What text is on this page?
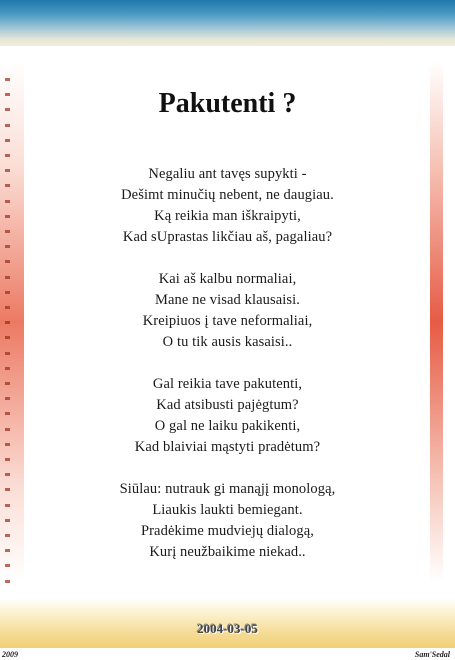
Pakutenti ?
Negaliu ant tavęs supykti -
Dešimt minučių nebent, ne daugiau.
Ką reikia man iškraipyti,
Kad sUprastas likčiau aš, pagaliau?
Kai aš kalbu normaliai,
Mane ne visad klausaisi.
Kreipiuos į tave neformaliai,
O tu tik ausis kasaisi..
Gal reikia tave pakutenti,
Kad atsibusti pajėgtum?
O gal ne laiku pakikenti,
Kad blaiviai mąstyti pradėtum?
Siūlau: nutrauk gi manąjį monologą,
Liaukis laukti bemiegant.
Pradėkime mudviejų dialogą,
Kurį neužbaikime niekad..
2004-03-05
2009	Sam'Sedal
